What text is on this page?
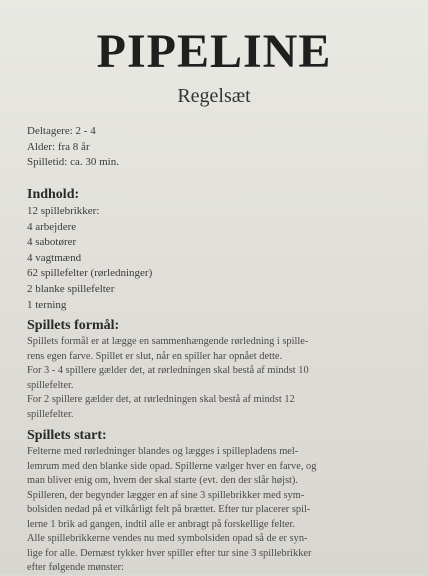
PIPELINE
Regelsæt
Deltagere: 2 - 4
Alder: fra 8 år
Spilletid: ca. 30 min.
Indhold:
12 spillebrikker:
4 arbejdere
4 sabotører
4 vagtmænd
62 spillefelter (rørledninger)
2 blanke spillefelter
1 terning
Spillets formål:
Spillets formål er at lægge en sammenhængende rørledning i spille-
rens egen farve. Spillet er slut, når en spiller har opnået dette.
For 3 - 4 spillere gælder det, at rørledningen skal bestå af mindst 10
spillefelter.
For 2 spillere gælder det, at rørledningen skal bestå af mindst 12
spillefelter.
Spillets start:
Felterne med rørledninger blandes og lægges i spillepladens mel-
lemrum med den blanke side opad. Spillerne vælger hver en farve, og
man bliver enig om, hvem der skal starte (evt. den der slår højst).
Spilleren, der begynder lægger en af sine 3 spillebrikker med sym-
bolsiden nedad på et vilkårligt felt på brættet. Efter tur placerer spil-
lerne 1 brik ad gangen, indtil alle er anbragt på forskellige felter.
Alle spillebrikkerne vendes nu med symbolsiden opad så de er syn-
lige for alle. Dernæst tykker hver spiller efter tur sine 3 spillebrikker
efter følgende mønster:
